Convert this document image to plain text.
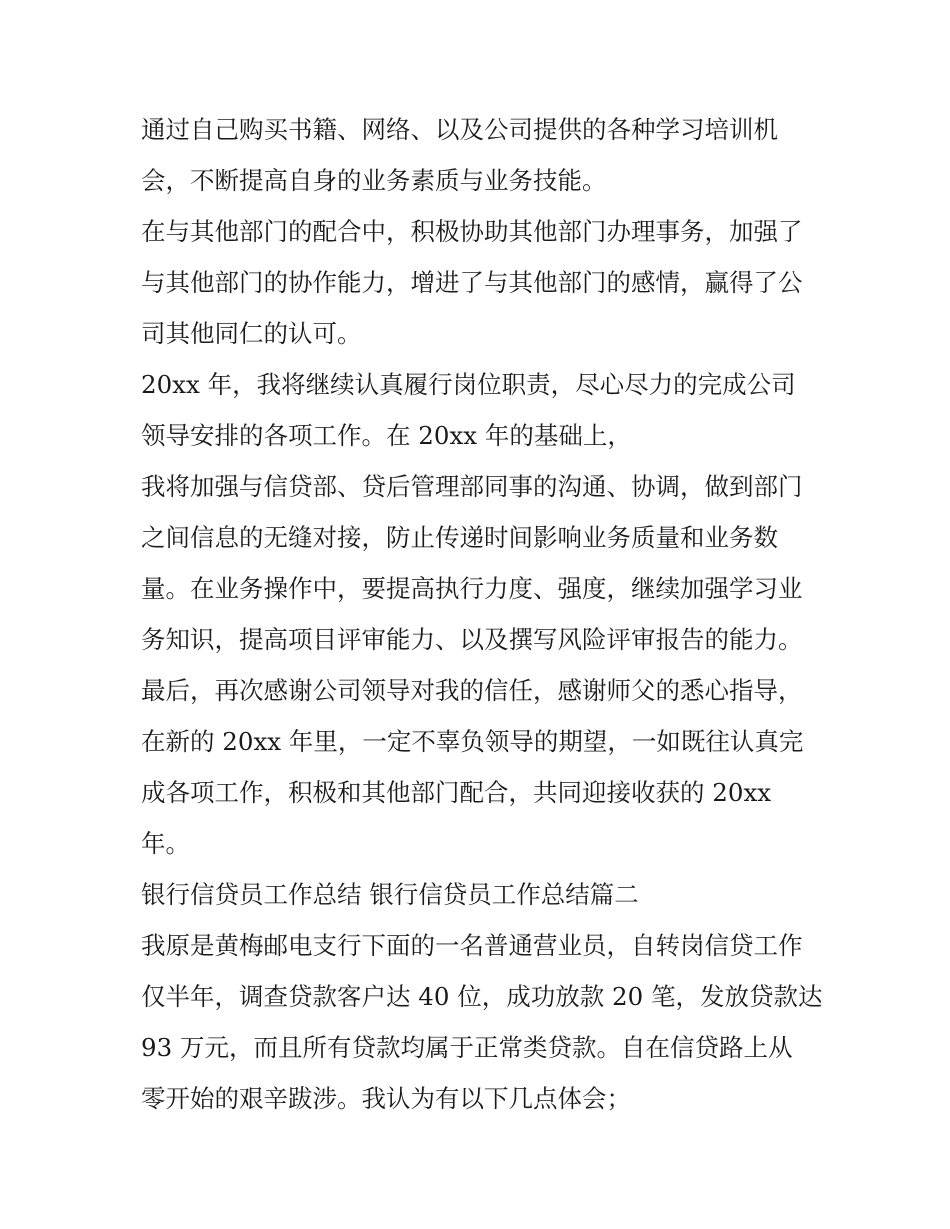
通过自己购买书籍、网络、以及公司提供的各种学习培训机
会，不断提高自身的业务素质与业务技能。
在与其他部门的配合中，积极协助其他部门办理事务，加强了
与其他部门的协作能力，增进了与其他部门的感情，赢得了公
司其他同仁的认可。
20xx 年，我将继续认真履行岗位职责，尽心尽力的完成公司
领导安排的各项工作。在 20xx 年的基础上，
我将加强与信贷部、贷后管理部同事的沟通、协调，做到部门
之间信息的无缝对接，防止传递时间影响业务质量和业务数
量。在业务操作中，要提高执行力度、强度，继续加强学习业
务知识，提高项目评审能力、以及撰写风险评审报告的能力。
最后，再次感谢公司领导对我的信任，感谢师父的悉心指导，
在新的 20xx 年里，一定不辜负领导的期望，一如既往认真完
成各项工作，积极和其他部门配合，共同迎接收获的 20xx
年。
银行信贷员工作总结 银行信贷员工作总结篇二
我原是黄梅邮电支行下面的一名普通营业员，自转岗信贷工作
仅半年，调查贷款客户达 40 位，成功放款 20 笔，发放贷款达
93 万元，而且所有贷款均属于正常类贷款。自在信贷路上从
零开始的艰辛跋涉。我认为有以下几点体会；
